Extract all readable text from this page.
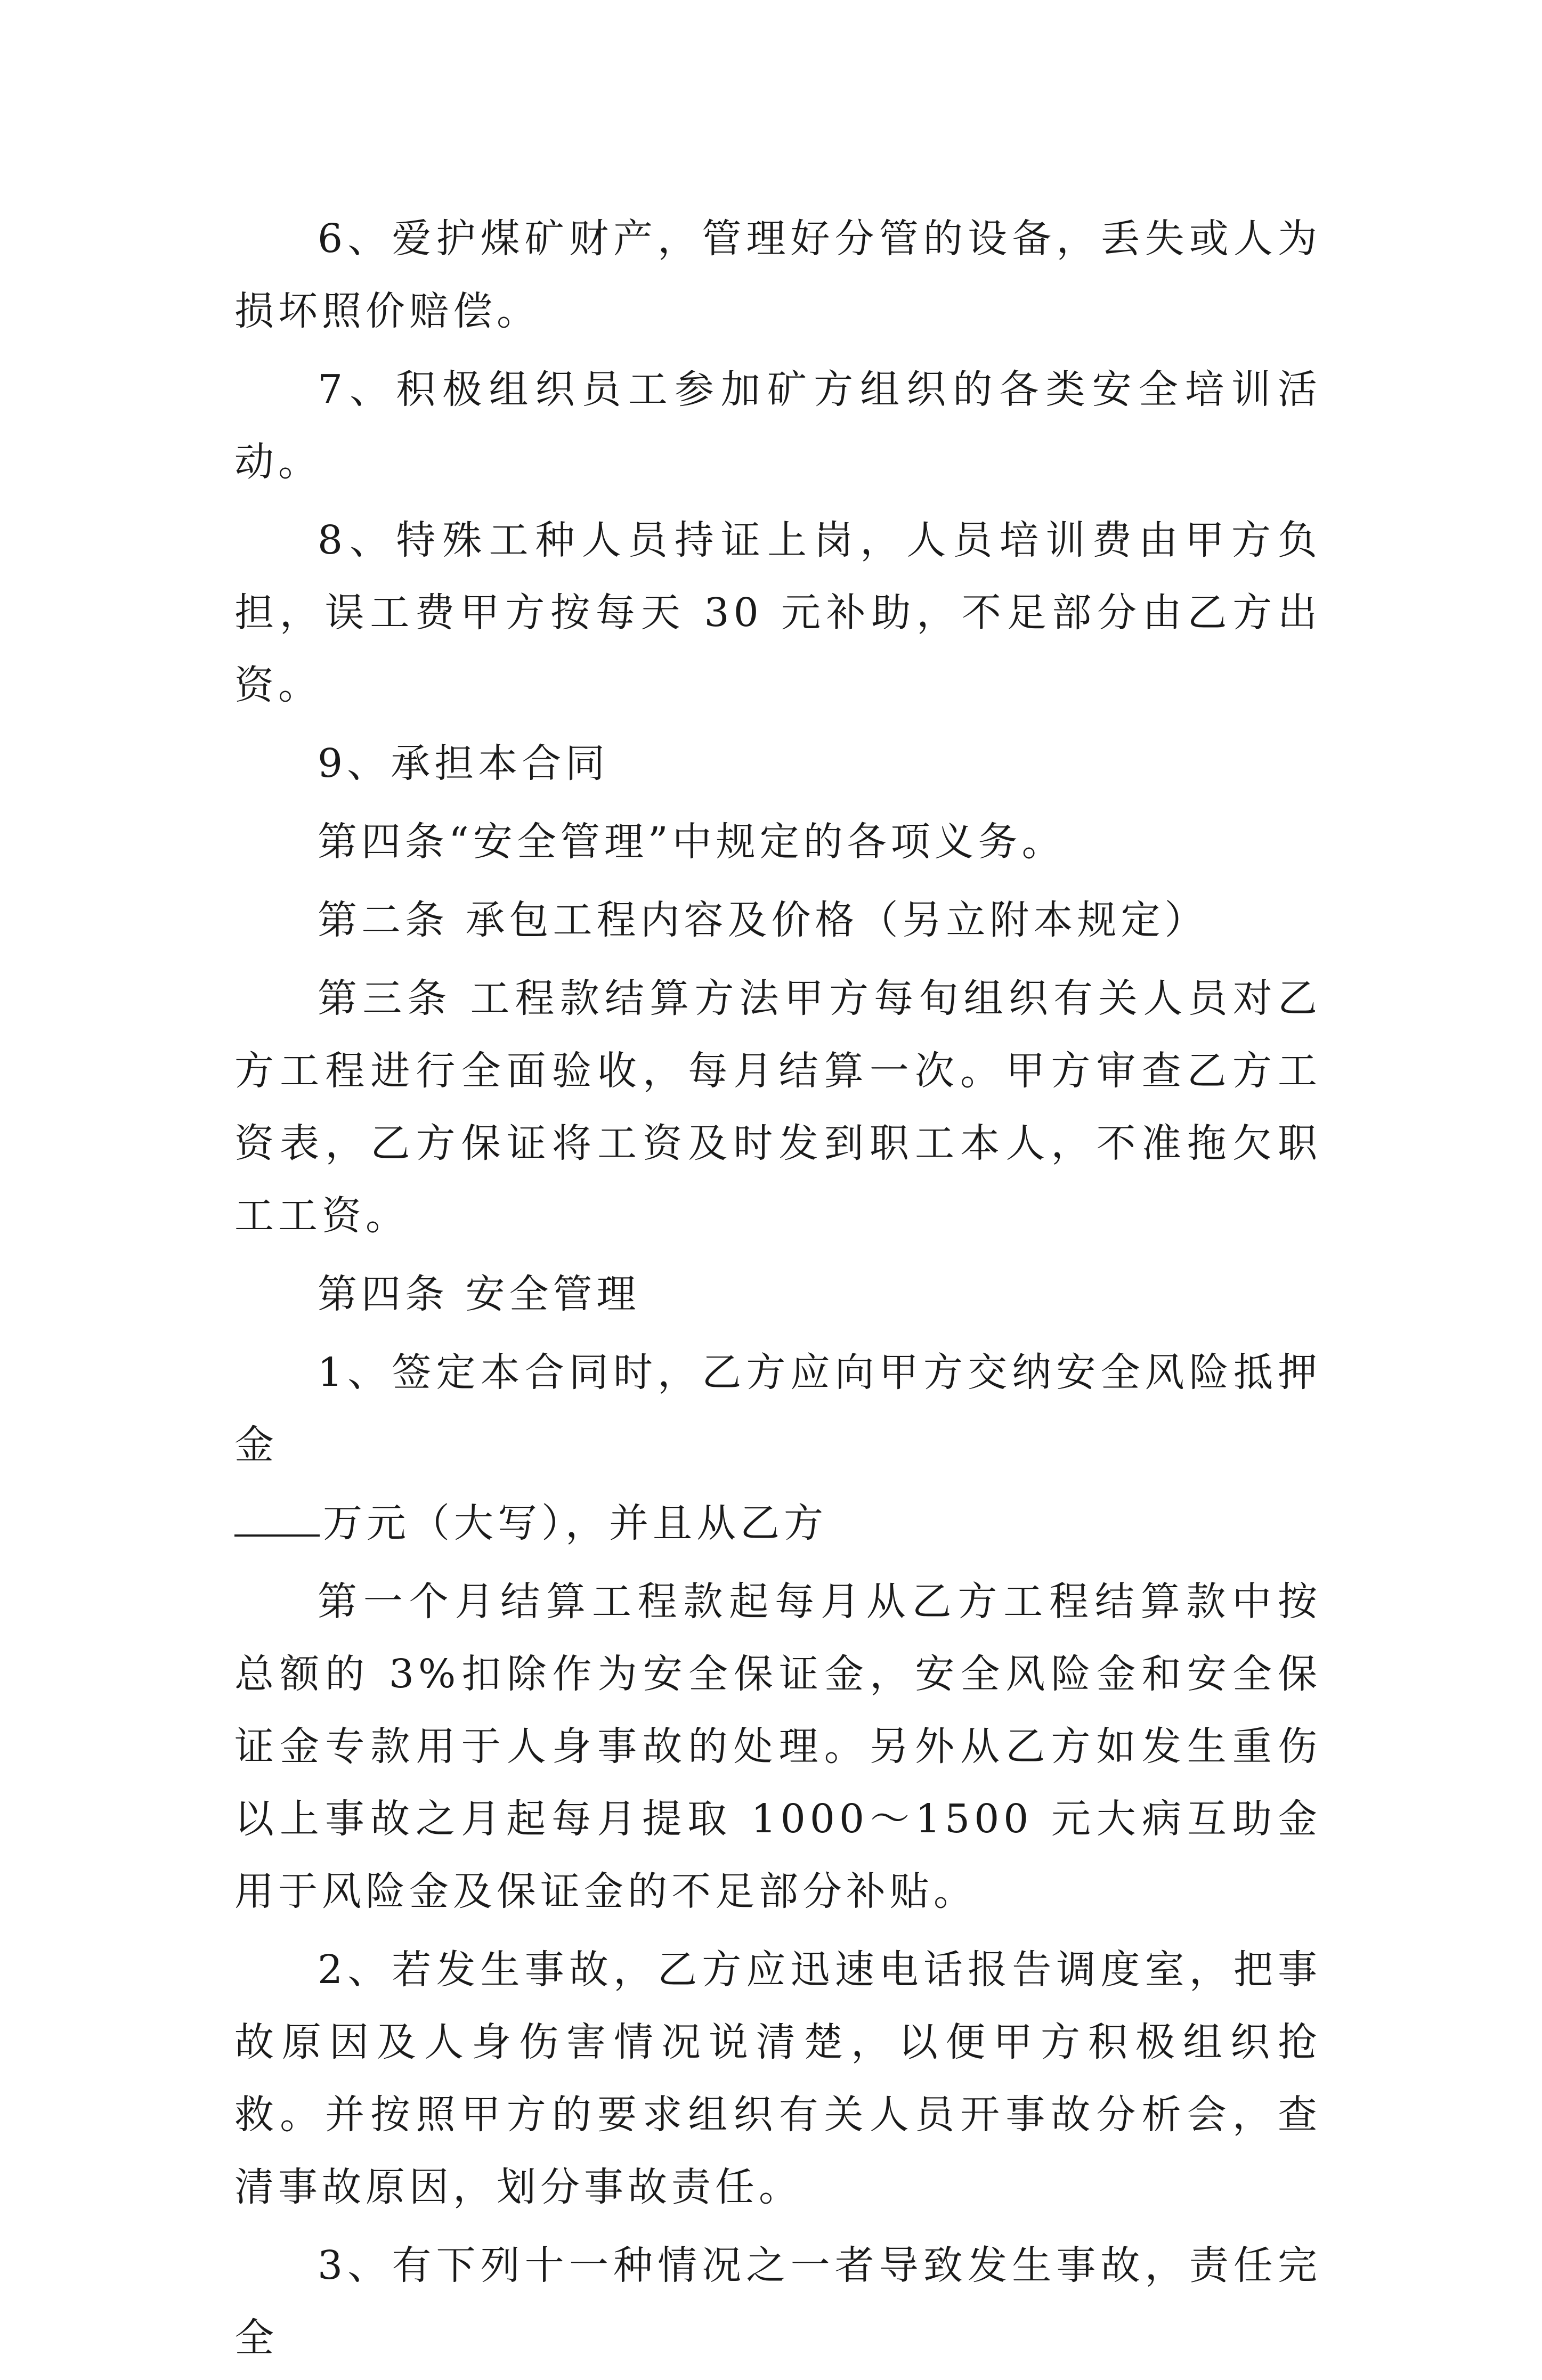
6、爱护煤矿财产，管理好分管的设备，丢失或人为损坏照价赔偿。

7、积极组织员工参加矿方组织的各类安全培训活动。

8、特殊工种人员持证上岗，人员培训费由甲方负担，误工费甲方按每天 30 元补助，不足部分由乙方出资。

9、承担本合同

第四条“安全管理”中规定的各项义务。

第二条 承包工程内容及价格（另立附本规定）

第三条 工程款结算方法甲方每旬组织有关人员对乙方工程进行全面验收，每月结算一次。甲方审查乙方工资表，乙方保证将工资及时发到职工本人，不准拖欠职工工资。

第四条 安全管理

1、签定本合同时，乙方应向甲方交纳安全风险抵押金

万元（大写），并且从乙方

第一个月结算工程款起每月从乙方工程结算款中按总额的 3%扣除作为安全保证金，安全风险金和安全保证金专款用于人身事故的处理。另外从乙方如发生重伤以上事故之月起每月提取 1000～1500 元大病互助金用于风险金及保证金的不足部分补贴。

2、若发生事故，乙方应迅速电话报告调度室，把事故原因及人身伤害情况说清楚，以便甲方积极组织抢救。并按照甲方的要求组织有关人员开事故分析会，查清事故原因，划分事故责任。

3、有下列十一种情况之一者导致发生事故，责任完全
